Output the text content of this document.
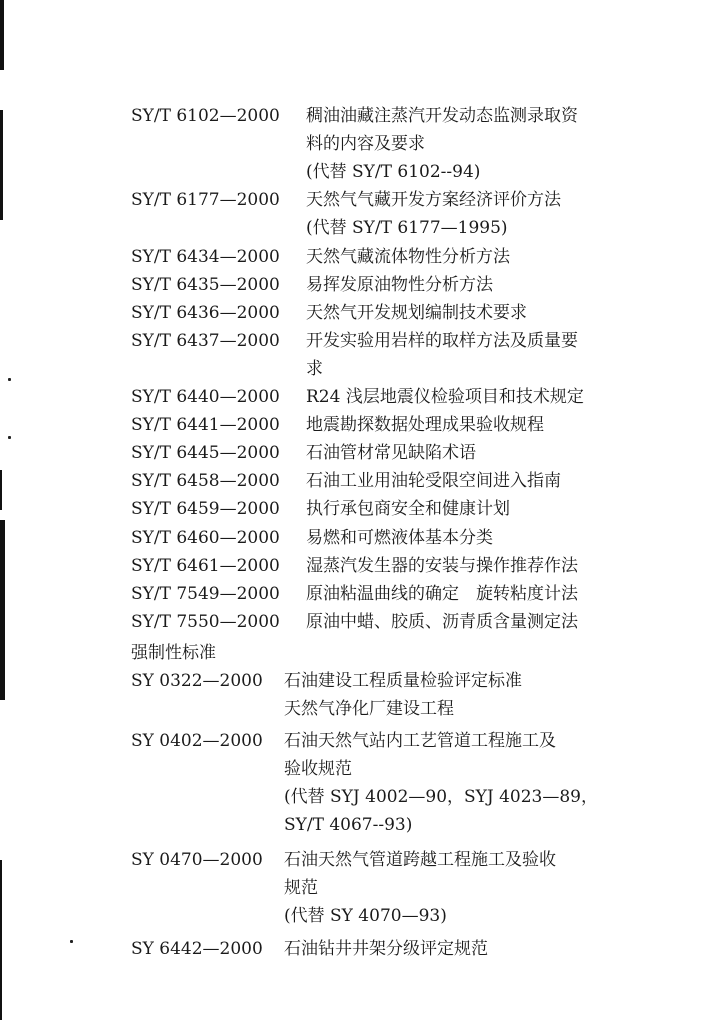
SY/T 6102—2000 稠油油藏注蒸汽开发动态监测录取资
料的内容及要求
(代替 SY/T 6102--94)
SY/T 6177—2000 天然气气藏开发方案经济评价方法
(代替 SY/T 6177—1995)
SY/T 6434—2000 天然气藏流体物性分析方法
SY/T 6435—2000 易挥发原油物性分析方法
SY/T 6436—2000 天然气开发规划编制技术要求
SY/T 6437—2000 开发实验用岩样的取样方法及质量要
求
SY/T 6440—2000 R24 浅层地震仪检验项目和技术规定
SY/T 6441—2000 地震勘探数据处理成果验收规程
SY/T 6445—2000 石油管材常见缺陷术语
SY/T 6458—2000 石油工业用油轮受限空间进入指南
SY/T 6459—2000 执行承包商安全和健康计划
SY/T 6460—2000 易燃和可燃液体基本分类
SY/T 6461—2000 湿蒸汽发生器的安装与操作推荐作法
SY/T 7549—2000 原油粘温曲线的确定　旋转粘度计法
SY/T 7550—2000 原油中蜡、胶质、沥青质含量测定法
强制性标准
SY 0322—2000 石油建设工程质量检验评定标准
天然气净化厂建设工程
SY 0402—2000 石油天然气站内工艺管道工程施工及
验收规范
(代替 SYJ 4002—90，SYJ 4023—89，
SY/T 4067--93)
SY 0470—2000 石油天然气管道跨越工程施工及验收
规范
(代替 SY 4070—93)
SY 6442—2000 石油钻井井架分级评定规范
